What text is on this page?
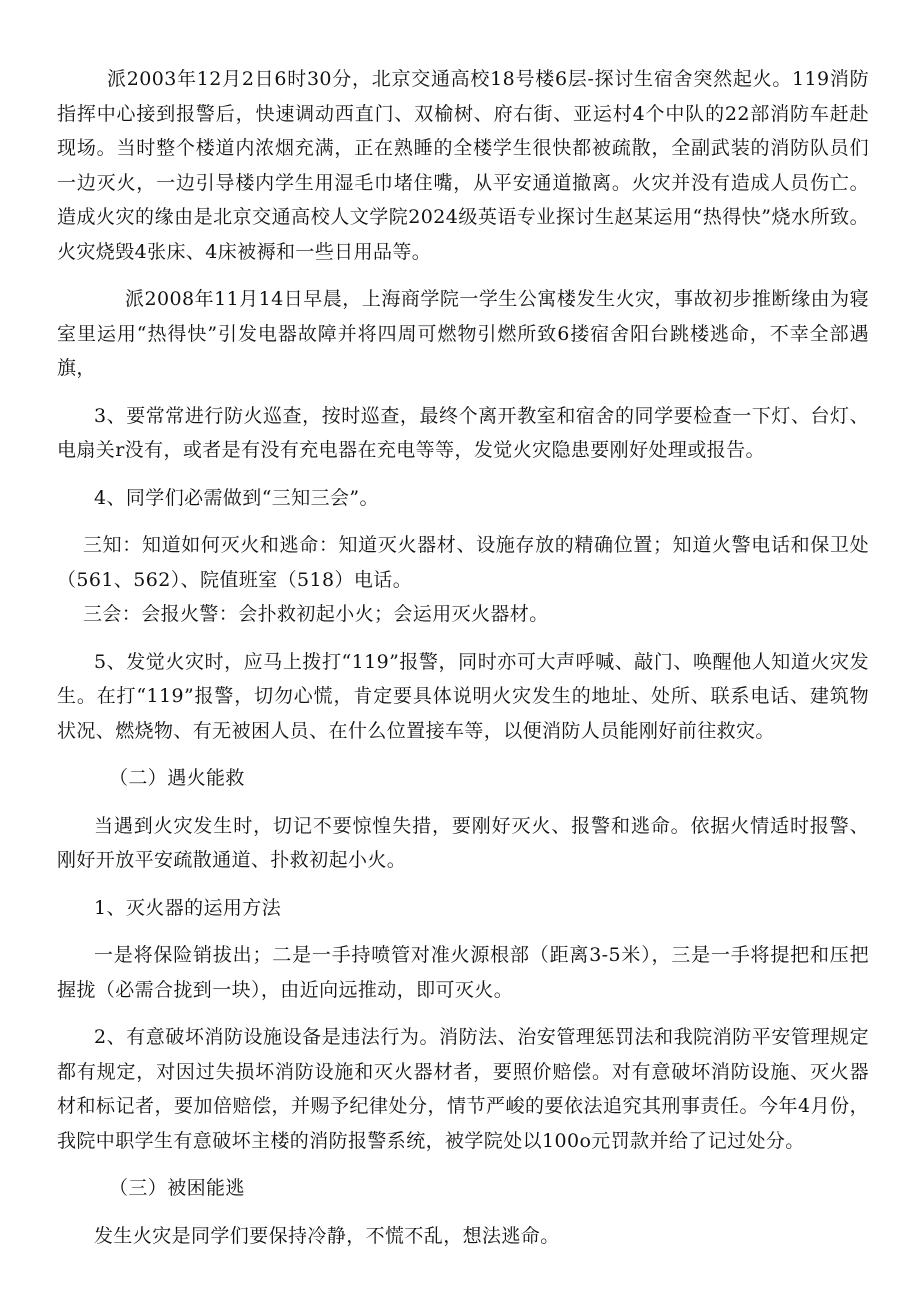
派2003年12月2日6时30分，北京交通高校18号楼6层-探讨生宿舍突然起火。119消防指挥中心接到报警后，快速调动西直门、双榆树、府右街、亚运村4个中队的22部消防车赶赴现场。当时整个楼道内浓烟充满，正在熟睡的全楼学生很快都被疏散，全副武装的消防队员们一边灭火，一边引导楼内学生用湿毛巾堵住嘴，从平安通道撤离。火灾并没有造成人员伤亡。造成火灾的缘由是北京交通高校人文学院2024级英语专业探讨生赵某运用“热得快”烧水所致。火灾烧毁4张床、4床被褥和一些日用品等。

派2008年11月14日早晨，上海商学院一学生公寓楼发生火灾，事故初步推断缘由为寝室里运用“热得快”引发电器故障并将四周可燃物引燃所致6搂宿舍阳台跳楼逃命，不幸全部遇旗，

3、要常常进行防火巡查，按时巡查，最终个离开教室和宿舍的同学要检查一下灯、台灯、电扇关r没有，或者是有没有充电器在充电等等，发觉火灾隐患要刚好处理或报告。

4、同学们必需做到“三知三会”。

三知：知道如何灭火和逃命：知道灭火器材、设施存放的精确位置；知道火警电话和保卫处（561、562）、院值班室（518）电话。

三会：会报火警：会扑救初起小火；会运用灭火器材。

5、发觉火灾时，应马上拨打“119”报警，同时亦可大声呼喊、敲门、唤醒他人知道火灾发生。在打“119”报警，切勿心慌，肯定要具体说明火灾发生的地址、处所、联系电话、建筑物状况、燃烧物、有无被困人员、在什么位置接车等，以便消防人员能刚好前往救灾。

（二）遇火能救

当遇到火灾发生时，切记不要惊惶失措，要刚好灭火、报警和逃命。依据火情适时报警、刚好开放平安疏散通道、扑救初起小火。

1、灭火器的运用方法

一是将保险销拔出；二是一手持喷管对准火源根部（距离3-5米），三是一手将提把和压把握拢（必需合拢到一块），由近向远推动，即可灭火。

2、有意破坏消防设施设备是违法行为。消防法、治安管理惩罚法和我院消防平安管理规定都有规定，对因过失损坏消防设施和灭火器材者，要照价赔偿。对有意破坏消防设施、灭火器材和标记者，要加倍赔偿，并赐予纪律处分，情节严峻的要依法追究其刑事责任。今年4月份，我院中职学生有意破坏主楼的消防报警系统，被学院处以100o元罚款并给了记过处分。

（三）被困能逃

发生火灾是同学们要保持冷静，不慌不乱，想法逃命。
